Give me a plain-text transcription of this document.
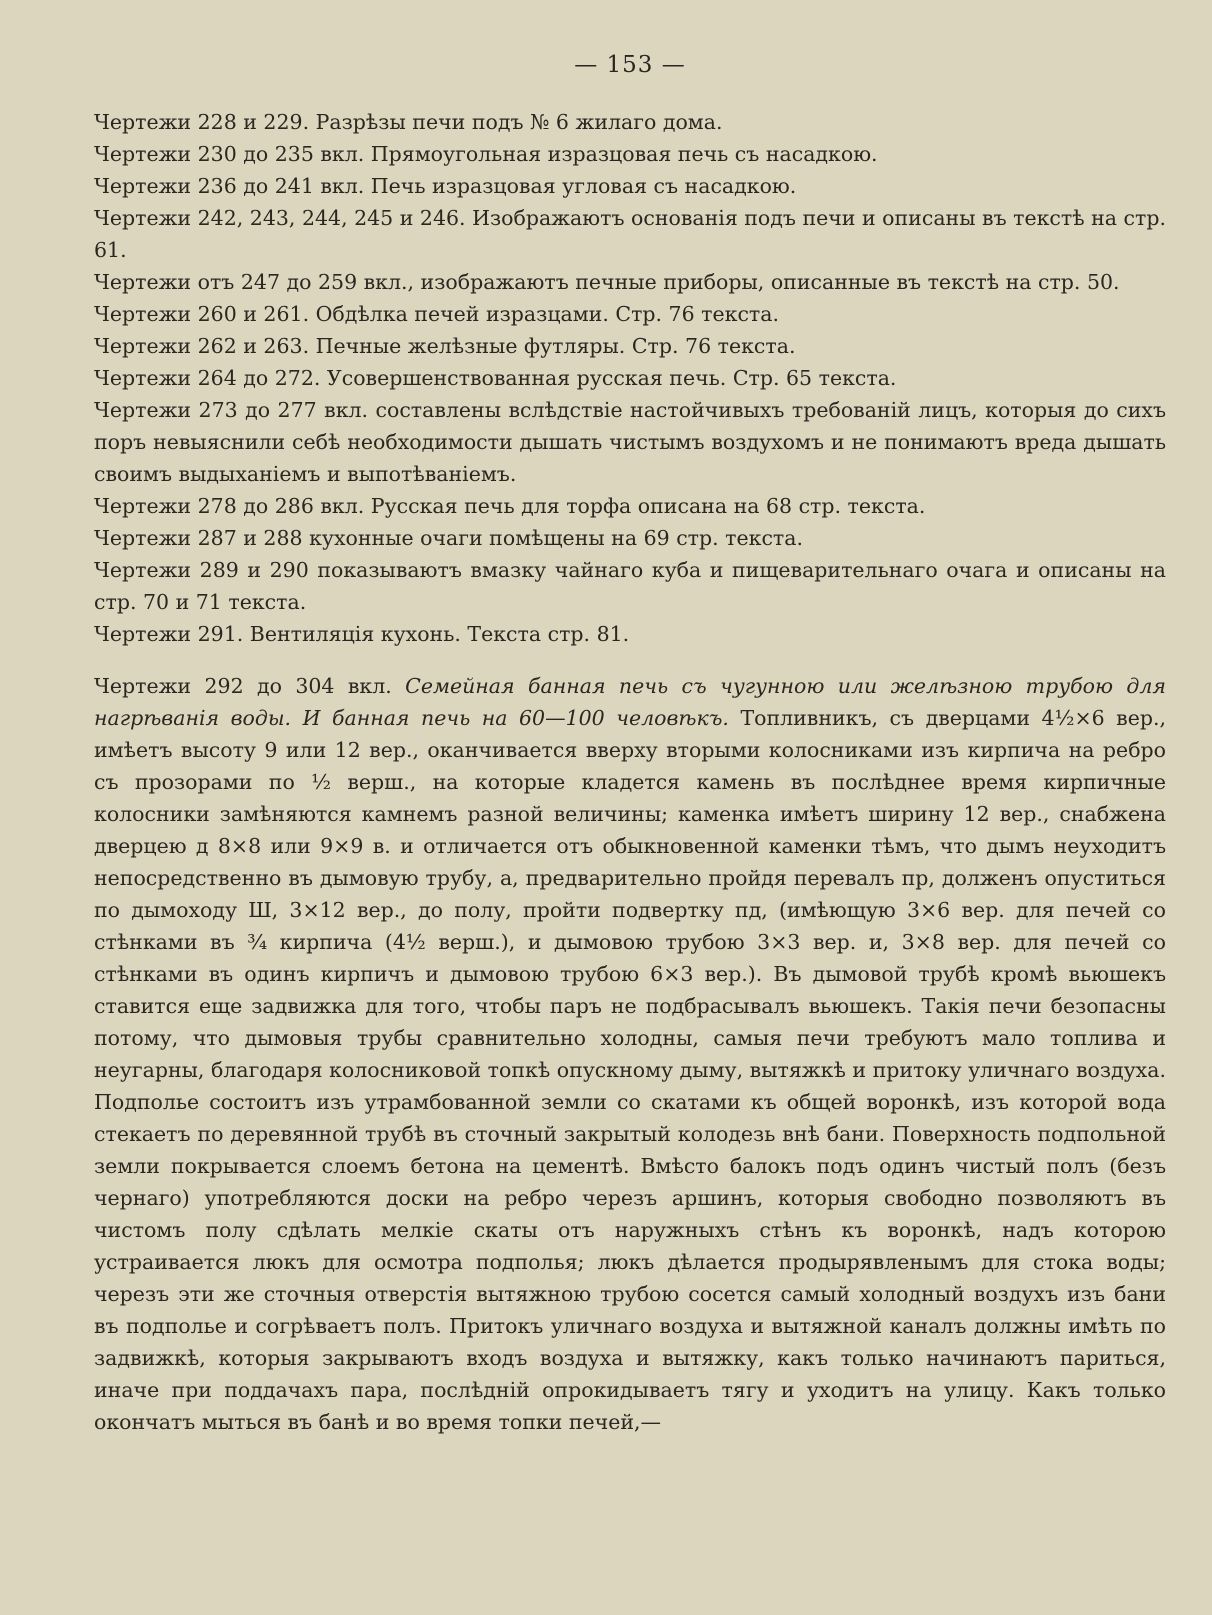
— 153 —

Чертежи 228 и 229. Разрѣзы печи подъ № 6 жилаго дома.

Чертежи 230 до 235 вкл. Прямоугольная изразцовая печь съ насадкою.

Чертежи 236 до 241 вкл. Печь изразцовая угловая съ насадкою.

Чертежи 242, 243, 244, 245 и 246. Изображаютъ основанія подъ печи и описаны въ текстѣ на стр. 61.

Чертежи отъ 247 до 259 вкл., изображаютъ печные приборы, описанные въ текстѣ на стр. 50.

Чертежи 260 и 261. Обдѣлка печей изразцами. Стр. 76 текста.

Чертежи 262 и 263. Печные желѣзные футляры. Стр. 76 текста.

Чертежи 264 до 272. Усовершенствованная русская печь. Стр. 65 текста.

Чертежи 273 до 277 вкл. составлены вслѣдствіе настойчивыхъ требованій лицъ, которыя до сихъ поръ невыяснили себѣ необходимости дышать чистымъ воздухомъ и не понимаютъ вреда дышать своимъ выдыханіемъ и выпотѣваніемъ.

Чертежи 278 до 286 вкл. Русская печь для торфа описана на 68 стр. текста.

Чертежи 287 и 288 кухонные очаги помѣщены на 69 стр. текста.

Чертежи 289 и 290 показываютъ вмазку чайнаго куба и пищеварительнаго очага и описаны на стр. 70 и 71 текста.

Чертежи 291. Вентиляція кухонь. Текста стр. 81.

Чертежи 292 до 304 вкл. Семейная банная печь съ чугунною или желѣзною трубою для нагрѣванія воды. И банная печь на 60—100 человѣкъ. Топливникъ, съ дверцами 4½×6 вер., имѣетъ высоту 9 или 12 вер., оканчивается вверху вторыми колосниками изъ кирпича на ребро съ прозорами по ½ верш., на которые кладется камень въ послѣднее время кирпичные колосники замѣняются камнемъ разной величины; каменка имѣетъ ширину 12 вер., снабжена дверцею д 8×8 или 9×9 в. и отличается отъ обыкновенной каменки тѣмъ, что дымъ неуходитъ непосредственно въ дымовую трубу, а, предварительно пройдя перевалъ пр, долженъ опуститься по дымоходу Ш, 3×12 вер., до полу, пройти подвертку пд, (имѣющую 3×6 вер. для печей со стѣнками въ ¾ кирпича (4½ верш.), и дымовою трубою 3×3 вер. и, 3×8 вер. для печей со стѣнками въ одинъ кирпичъ и дымовою трубою 6×3 вер.). Въ дымовой трубѣ кромѣ вьюшекъ ставится еще задвижка для того, чтобы паръ не подбрасывалъ вьюшекъ. Такія печи безопасны потому, что дымовыя трубы сравнительно холодны, самыя печи требуютъ мало топлива и неугарны, благодаря колосниковой топкѣ опускному дыму, вытяжкѣ и притоку уличнаго воздуха. Подполье состоитъ изъ утрамбованной земли со скатами къ общей воронкѣ, изъ которой вода стекаетъ по деревянной трубѣ въ сточный закрытый колодезь внѣ бани. Поверхность подпольной земли покрывается слоемъ бетона на цементѣ. Вмѣсто балокъ подъ одинъ чистый полъ (безъ чернаго) употребляются доски на ребро черезъ аршинъ, которыя свободно позволяютъ въ чистомъ полу сдѣлать мелкіе скаты отъ наружныхъ стѣнъ къ воронкѣ, надъ которою устраивается люкъ для осмотра подполья; люкъ дѣлается продырявленымъ для стока воды; черезъ эти же сточныя отверстія вытяжною трубою сосется самый холодный воздухъ изъ бани въ подполье и согрѣваетъ полъ. Притокъ уличнаго воздуха и вытяжной каналъ должны имѣть по задвижкѣ, которыя закрываютъ входъ воздуха и вытяжку, какъ только начинаютъ париться, иначе при поддачахъ пара, послѣдній опрокидываетъ тягу и уходитъ на улицу. Какъ только окончатъ мыться въ банѣ и во время топки печей,—
